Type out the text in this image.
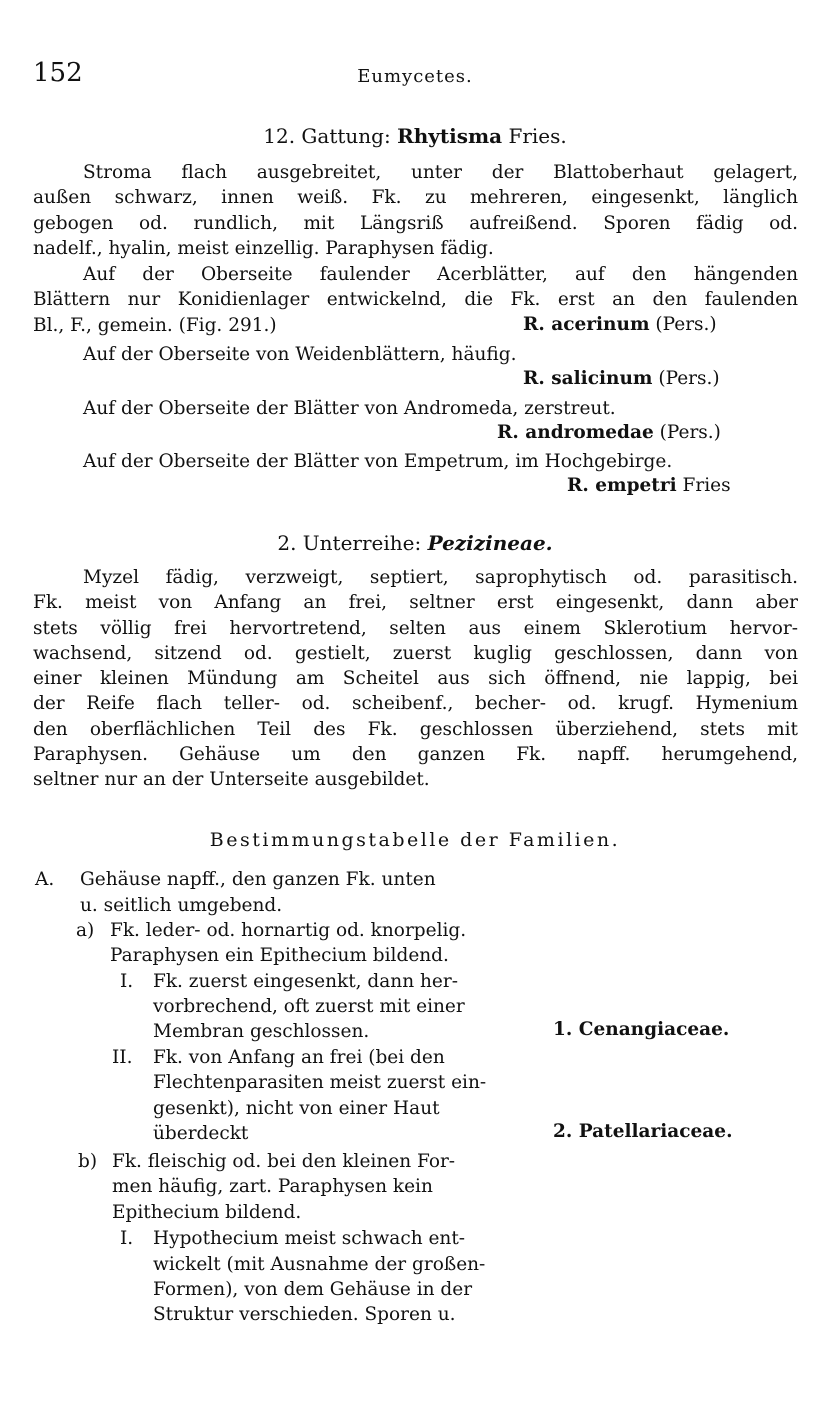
152	Eumycetes.
12. Gattung: Rhytisma Fries.
Stroma flach ausgebreitet, unter der Blattoberhaut gelagert,
außen schwarz, innen weiß. Fk. zu mehreren, eingesenkt, länglich
gebogen od. rundlich, mit Längsriß aufreißend. Sporen fädig od.
nadelf., hyalin, meist einzellig. Paraphysen fädig.
Auf der Oberseite faulender Acerblätter, auf den hängenden
Blättern nur Konidienlager entwickelnd, die Fk. erst an den faulenden
Bl., F., gemein. (Fig. 291.)	R. acerinum (Pers.)
Auf der Oberseite von Weidenblättern, häufig.
R. salicinum (Pers.)
Auf der Oberseite der Blätter von Andromeda, zerstreut.
R. andromedae (Pers.)
Auf der Oberseite der Blätter von Empetrum, im Hochgebirge.
R. empetri Fries
2. Unterreihe: Pezizineae.
Myzel fädig, verzweigt, septiert, saprophytisch od. parasitisch.
Fk. meist von Anfang an frei, seltner erst eingesenkt, dann aber
stets völlig frei hervortretend, selten aus einem Sklerotium hervor-
wachsend, sitzend od. gestielt, zuerst kuglig geschlossen, dann von
einer kleinen Mündung am Scheitel aus sich öffnend, nie lappig, bei
der Reife flach teller- od. scheibenf., becher- od. krugf. Hymenium
den oberflächlichen Teil des Fk. geschlossen überziehend, stets mit
Paraphysen. Gehäuse um den ganzen Fk. napff. herumgehend,
seltner nur an der Unterseite ausgebildet.
Bestimmungstabelle der Familien.
A. Gehäuse napff., den ganzen Fk. unten
u. seitlich umgebend.
a) Fk. leder- od. hornartig od. knorpelig.
Paraphysen ein Epithecium bildend.
I. Fk. zuerst eingesenkt, dann her-
vorbrechend, oft zuerst mit einer
Membran geschlossen.
II. Fk. von Anfang an frei (bei den
Flechtenparasiten meist zuerst ein-
gesenkt), nicht von einer Haut
überdeckt
b) Fk. fleischig od. bei den kleinen For-
men häufig, zart. Paraphysen kein
Epithecium bildend.
I. Hypothecium meist schwach ent-
wickelt (mit Ausnahme der großen-
Formen), von dem Gehäuse in der
Struktur verschieden. Sporen u.
1. Cenangiaceae.
2. Patellariaceae.
